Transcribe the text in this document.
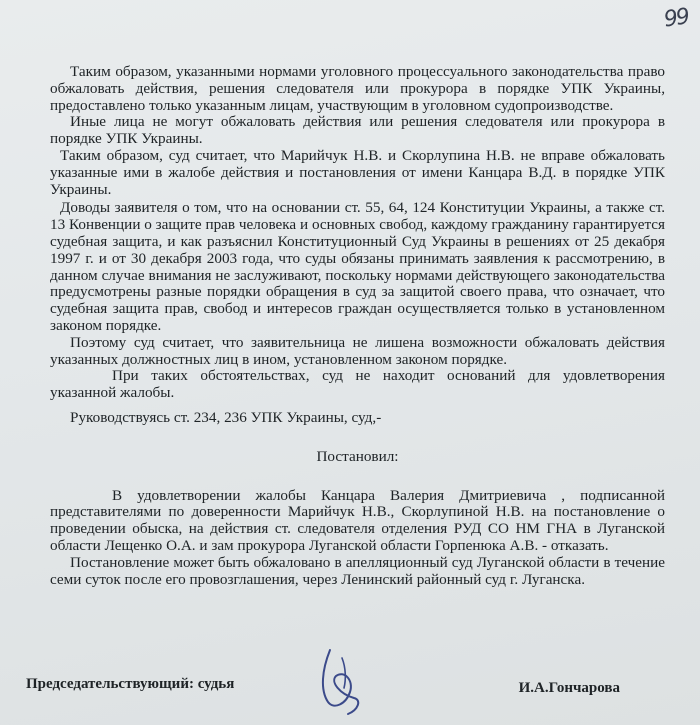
99

Таким образом, указанными нормами уголовного процессуального законодательства право обжаловать действия, решения следователя или прокурора в порядке УПК Украины, предоставлено только указанным лицам, участвующим в уголовном судопроизводстве.

Иные лица не могут обжаловать действия или решения следователя или прокурора в порядке УПК Украины.

Таким образом, суд считает, что Марийчук Н.В. и Скорлупина Н.В. не вправе обжаловать указанные ими в жалобе действия и постановления от имени Канцара В.Д. в порядке УПК Украины.

Доводы заявителя о том, что на основании ст. 55, 64, 124 Конституции Украины, а также ст. 13 Конвенции о защите прав человека и основных свобод, каждому гражданину гарантируется судебная защита, и как разъяснил Конституционный Суд Украины в решениях от 25 декабря 1997 г. и от 30 декабря 2003 года, что суды обязаны принимать заявления к рассмотрению, в данном случае внимания не заслуживают, поскольку нормами действующего законодательства предусмотрены разные порядки обращения в суд за защитой своего права, что означает, что судебная защита прав, свобод и интересов граждан осуществляется только в установленном законом порядке.

Поэтому суд считает, что заявительница не лишена возможности обжаловать действия указанных должностных лиц в ином, установленном законом порядке.

При таких обстоятельствах, суд не находит оснований для удовлетворения указанной жалобы.

Руководствуясь ст. 234, 236 УПК Украины, суд,-

Постановил:

В удовлетворении жалобы Канцара Валерия Дмитриевича , подписанной представителями по доверенности Марийчук Н.В., Скорлупиной Н.В. на постановление о проведении обыска, на действия ст. следователя отделения РУД СО НМ ГНА в Луганской области Лещенко О.А. и зам прокурора Луганской области Горпенюка А.В. - отказать.

Постановление может быть обжаловано в апелляционный суд Луганской области в течение семи суток после его провозглашения, через Ленинский районный суд г. Луганска.

Председательствующий: судья	И.А.Гончарова
